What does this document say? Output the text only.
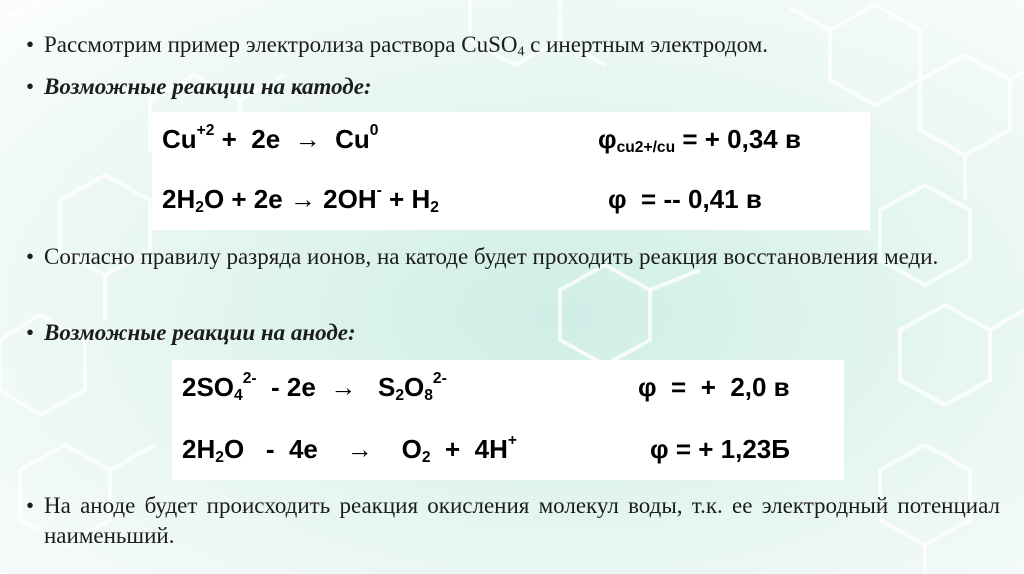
• Рассмотрим пример электролиза раствора CuSO$_4$ с инертным электродом.
• Возможные реакции на катоде:
$Cu^{+2} + 2e \to Cu^0$	$\varphi_{cu2+/cu}$ = + 0,34 в
$2H_2O + 2e \to 2OH^- + H_2$	φ  = -- 0,41 в
• Согласно правилу разряда ионов, на катоде будет проходить реакция восстановления меди.
• Возможные реакции на аноде:
$2SO_4^{2-} - 2e \to S_2O_8^{2-}$	φ  =  +  2,0 в
$2H_2O - 4e$    →    $O_2 + 4H^+$	φ = + 1,23Б
• На аноде будет происходить реакция окисления молекул воды, т.к. ее электродный потенциал наименьший.
